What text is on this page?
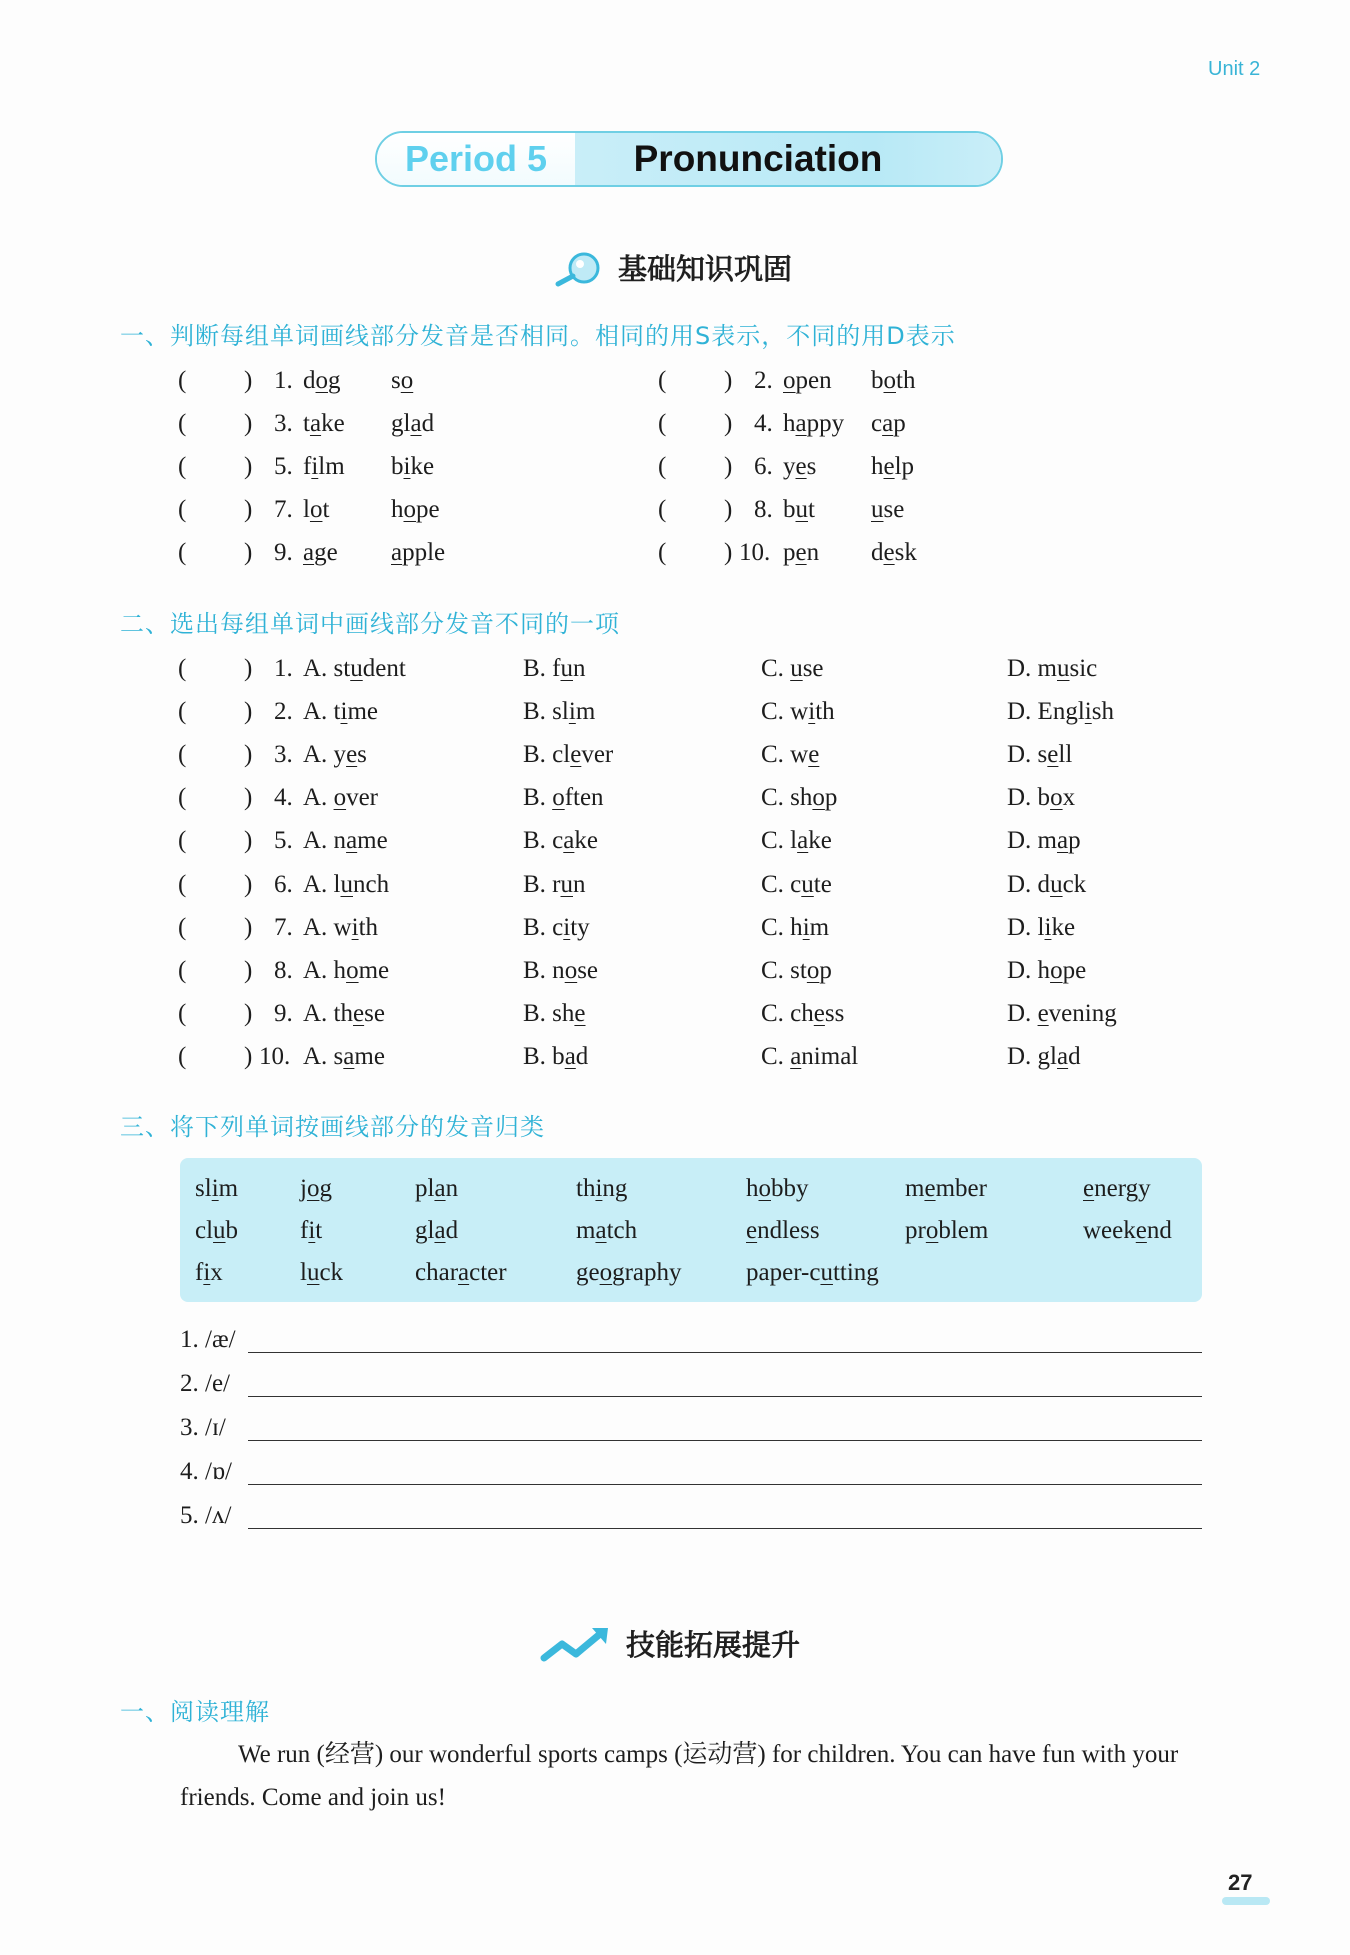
Unit 2
Period 5	Pronunciation
基础知识巩固
一、判断每组单词画线部分发音是否相同。相同的用S表示，不同的用D表示
( ) 1. dog so	( ) 2. open both
( ) 3. take glad	( ) 4. happy cap
( ) 5. film bike	( ) 6. yes help
( ) 7. lot hope	( ) 8. but use
( ) 9. age apple	( ) 10. pen desk
二、选出每组单词中画线部分发音不同的一项
( ) 1. A. student	B. fun	C. use	D. music
( ) 2. A. time	B. slim	C. with	D. English
( ) 3. A. yes	B. clever	C. we	D. sell
( ) 4. A. over	B. often	C. shop	D. box
( ) 5. A. name	B. cake	C. lake	D. map
( ) 6. A. lunch	B. run	C. cute	D. duck
( ) 7. A. with	B. city	C. him	D. like
( ) 8. A. home	B. nose	C. stop	D. hope
( ) 9. A. these	B. she	C. chess	D. evening
( ) 10. A. same	B. bad	C. animal	D. glad
三、将下列单词按画线部分的发音归类
slim jog	plan	thing	hobby	member	energy
club fit	glad	match	endless	problem	weekend
fix	luck	character	geography	paper-cutting
1. /æ/
2. /e/
3. /ɪ/
4. /ɒ/
5. /ʌ/
技能拓展提升
一、阅读理解
We run (经营) our wonderful sports camps (运动营) for children. You can have fun with your friends. Come and join us!
27
